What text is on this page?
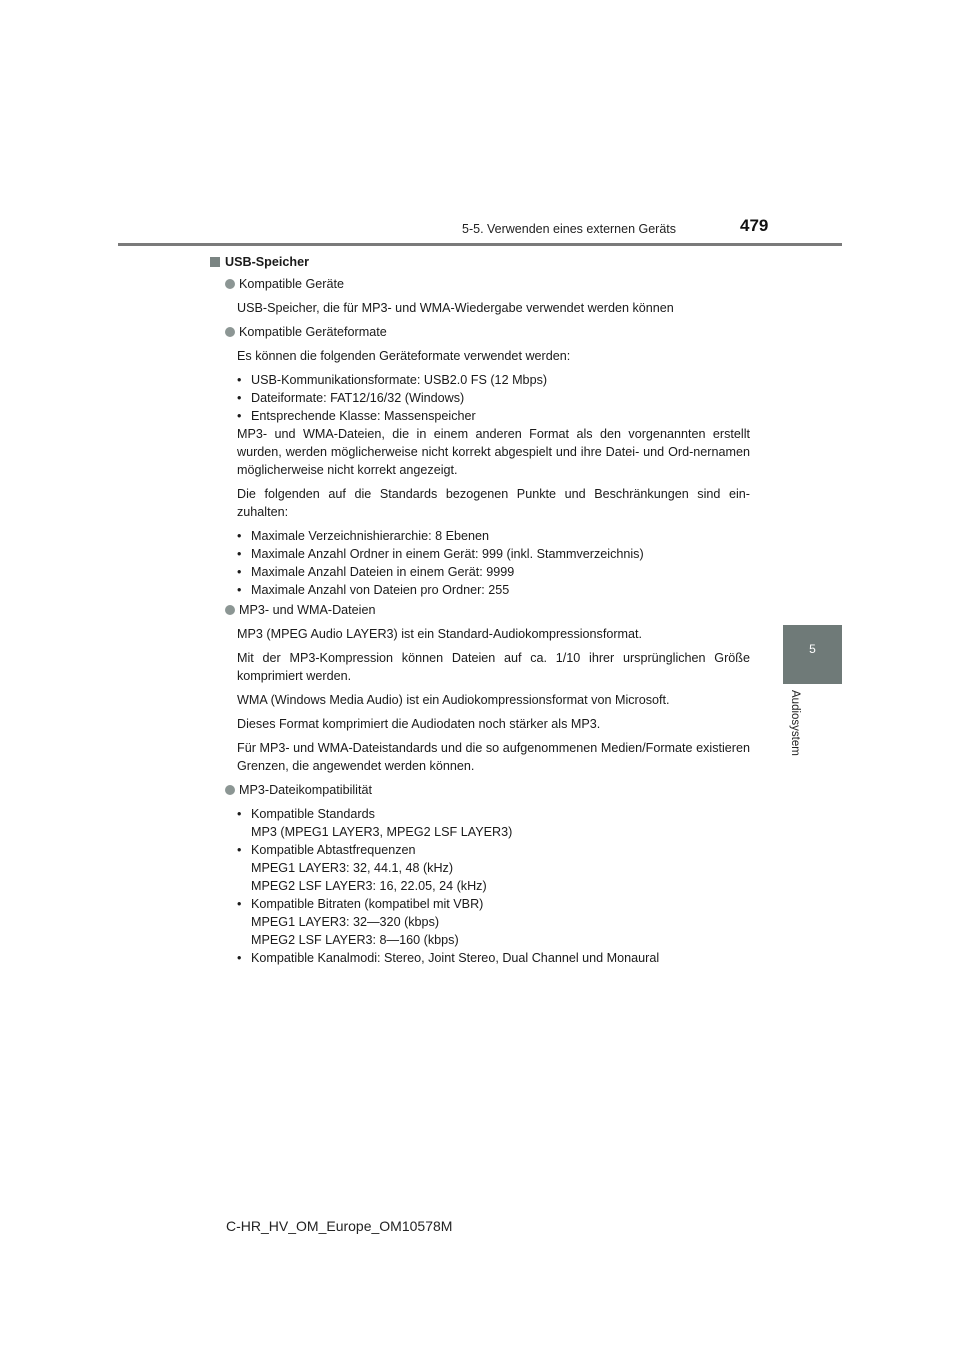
5-5. Verwenden eines externen Geräts	479
5
Audiosystem
USB-Speicher
Kompatible Geräte
USB-Speicher, die für MP3- und WMA-Wiedergabe verwendet werden können
Kompatible Geräteformate
Es können die folgenden Geräteformate verwendet werden:
• USB-Kommunikationsformate: USB2.0 FS (12 Mbps)
• Dateiformate: FAT12/16/32 (Windows)
• Entsprechende Klasse: Massenspeicher
MP3- und WMA-Dateien, die in einem anderen Format als den vorgenannten erstellt wurden, werden möglicherweise nicht korrekt abgespielt und ihre Datei- und Ord-nernamen möglicherweise nicht korrekt angezeigt.
Die folgenden auf die Standards bezogenen Punkte und Beschränkungen sind ein-zuhalten:
• Maximale Verzeichnishierarchie: 8 Ebenen
• Maximale Anzahl Ordner in einem Gerät: 999 (inkl. Stammverzeichnis)
• Maximale Anzahl Dateien in einem Gerät: 9999
• Maximale Anzahl von Dateien pro Ordner: 255
MP3- und WMA-Dateien
MP3 (MPEG Audio LAYER3) ist ein Standard-Audiokompressionsformat.
Mit der MP3-Kompression können Dateien auf ca. 1/10 ihrer ursprünglichen Größe komprimiert werden.
WMA (Windows Media Audio) ist ein Audiokompressionsformat von Microsoft.
Dieses Format komprimiert die Audiodaten noch stärker als MP3.
Für MP3- und WMA-Dateistandards und die so aufgenommenen Medien/Formate existieren Grenzen, die angewendet werden können.
MP3-Dateikompatibilität
• Kompatible Standards
MP3 (MPEG1 LAYER3, MPEG2 LSF LAYER3)
• Kompatible Abtastfrequenzen
MPEG1 LAYER3: 32, 44.1, 48 (kHz)
MPEG2 LSF LAYER3: 16, 22.05, 24 (kHz)
• Kompatible Bitraten (kompatibel mit VBR)
MPEG1 LAYER3: 32—320 (kbps)
MPEG2 LSF LAYER3: 8—160 (kbps)
• Kompatible Kanalmodi: Stereo, Joint Stereo, Dual Channel und Monaural
C-HR_HV_OM_Europe_OM10578M
